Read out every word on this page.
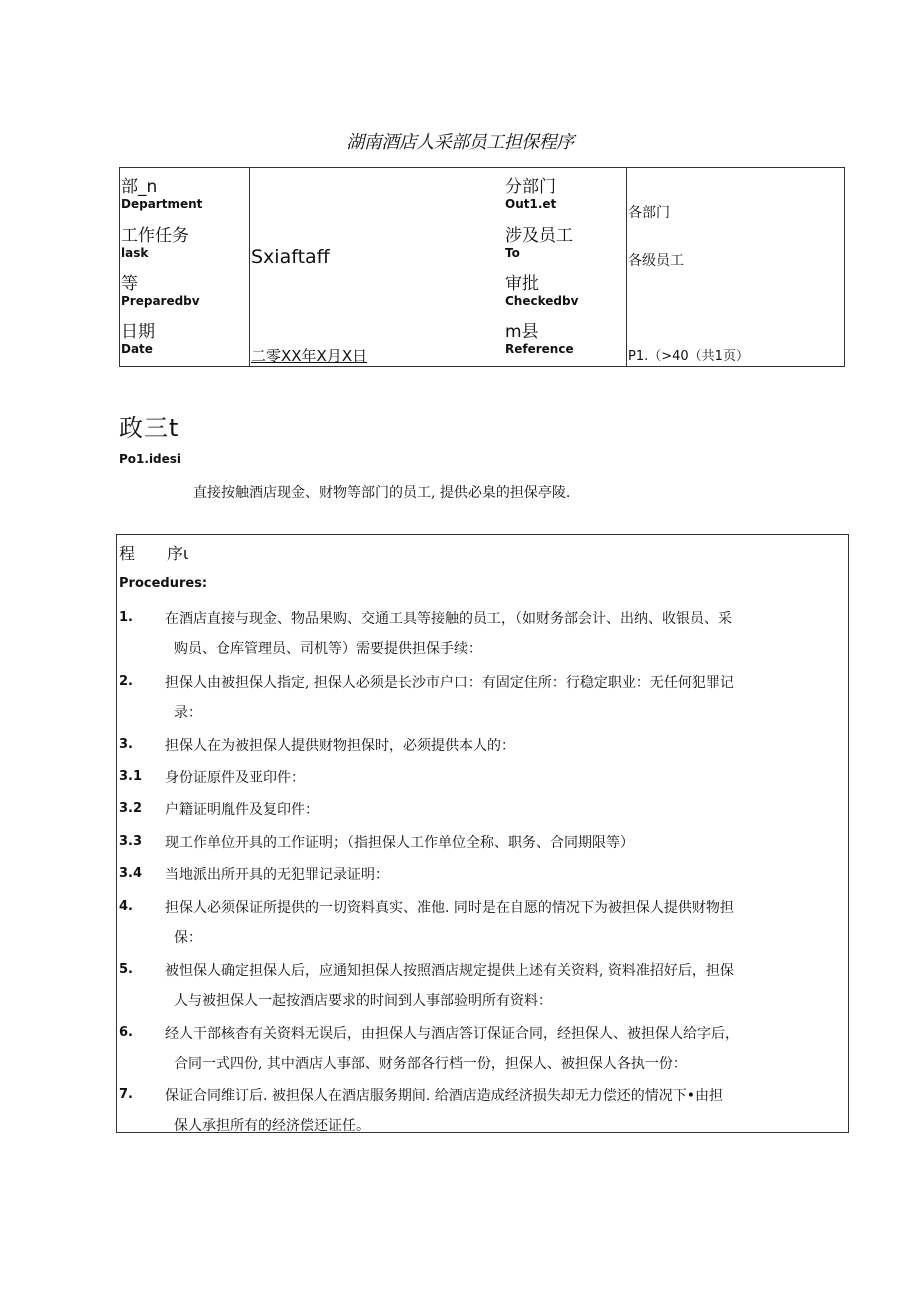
湖南酒店人采部员工担保程序
部_n
Department
工作任务
lask
等
Preparedbv
日期
Date
Sxiaftaff
二零XX年X月X日
分部门
Out1.et
涉及员工
To
审批
Checkedbv
m县
Reference
各部门
各级员工
P1.（>40（共1页）
政三t
Po1.idesi
直接按触酒店现金、财物等部门的员工, 提供必臬的担保亭陵.
程　　序ι
Procedures:
1. 在酒店直接与现金、物品果购、交通工具等接触的员工，（如财务部会计、出纳、收银员、采
购员、仓库管理员、司机等）需要提供担保手续：
2. 担保人由被担保人指定, 担保人必须是长沙市户口：有固定住所：行稳定职业：无任何犯罪记
录：
3. 担保人在为被担保人提供财物担保时，必须提供本人的：
3.1 身份证原件及亚印件：
3.2 户籍证明胤件及复印件：
3.3 现工作单位开具的工作证明；（指担保人工作单位全称、职务、合同期限等）
3.4 当地派出所开具的无犯罪记录证明：
4. 担保人必须保证所提供的一切资料真实、准他. 同时是在自愿的情况下为被担保人提供财物担
保：
5. 被怛保人确定担保人后，应通知担保人按照酒店规定提供上述有关资料, 资料准招好后，担保
人与被担保人一起按酒店要求的时间到人事部验明所有资料：
6. 经人干部核杳有关资料无误后，由担保人与酒店答订保证合同，经担保人、被担保人给字后，
合同一式四份, 其中酒店人事部、财务部各行档一份，担保人、被担保人各执一份：
7. 保证合同维订后. 被担保人在酒店服务期间. 给酒店造成经济损失却无力偿还的情况下•由担
保人承担所有的经济偿还证任。
